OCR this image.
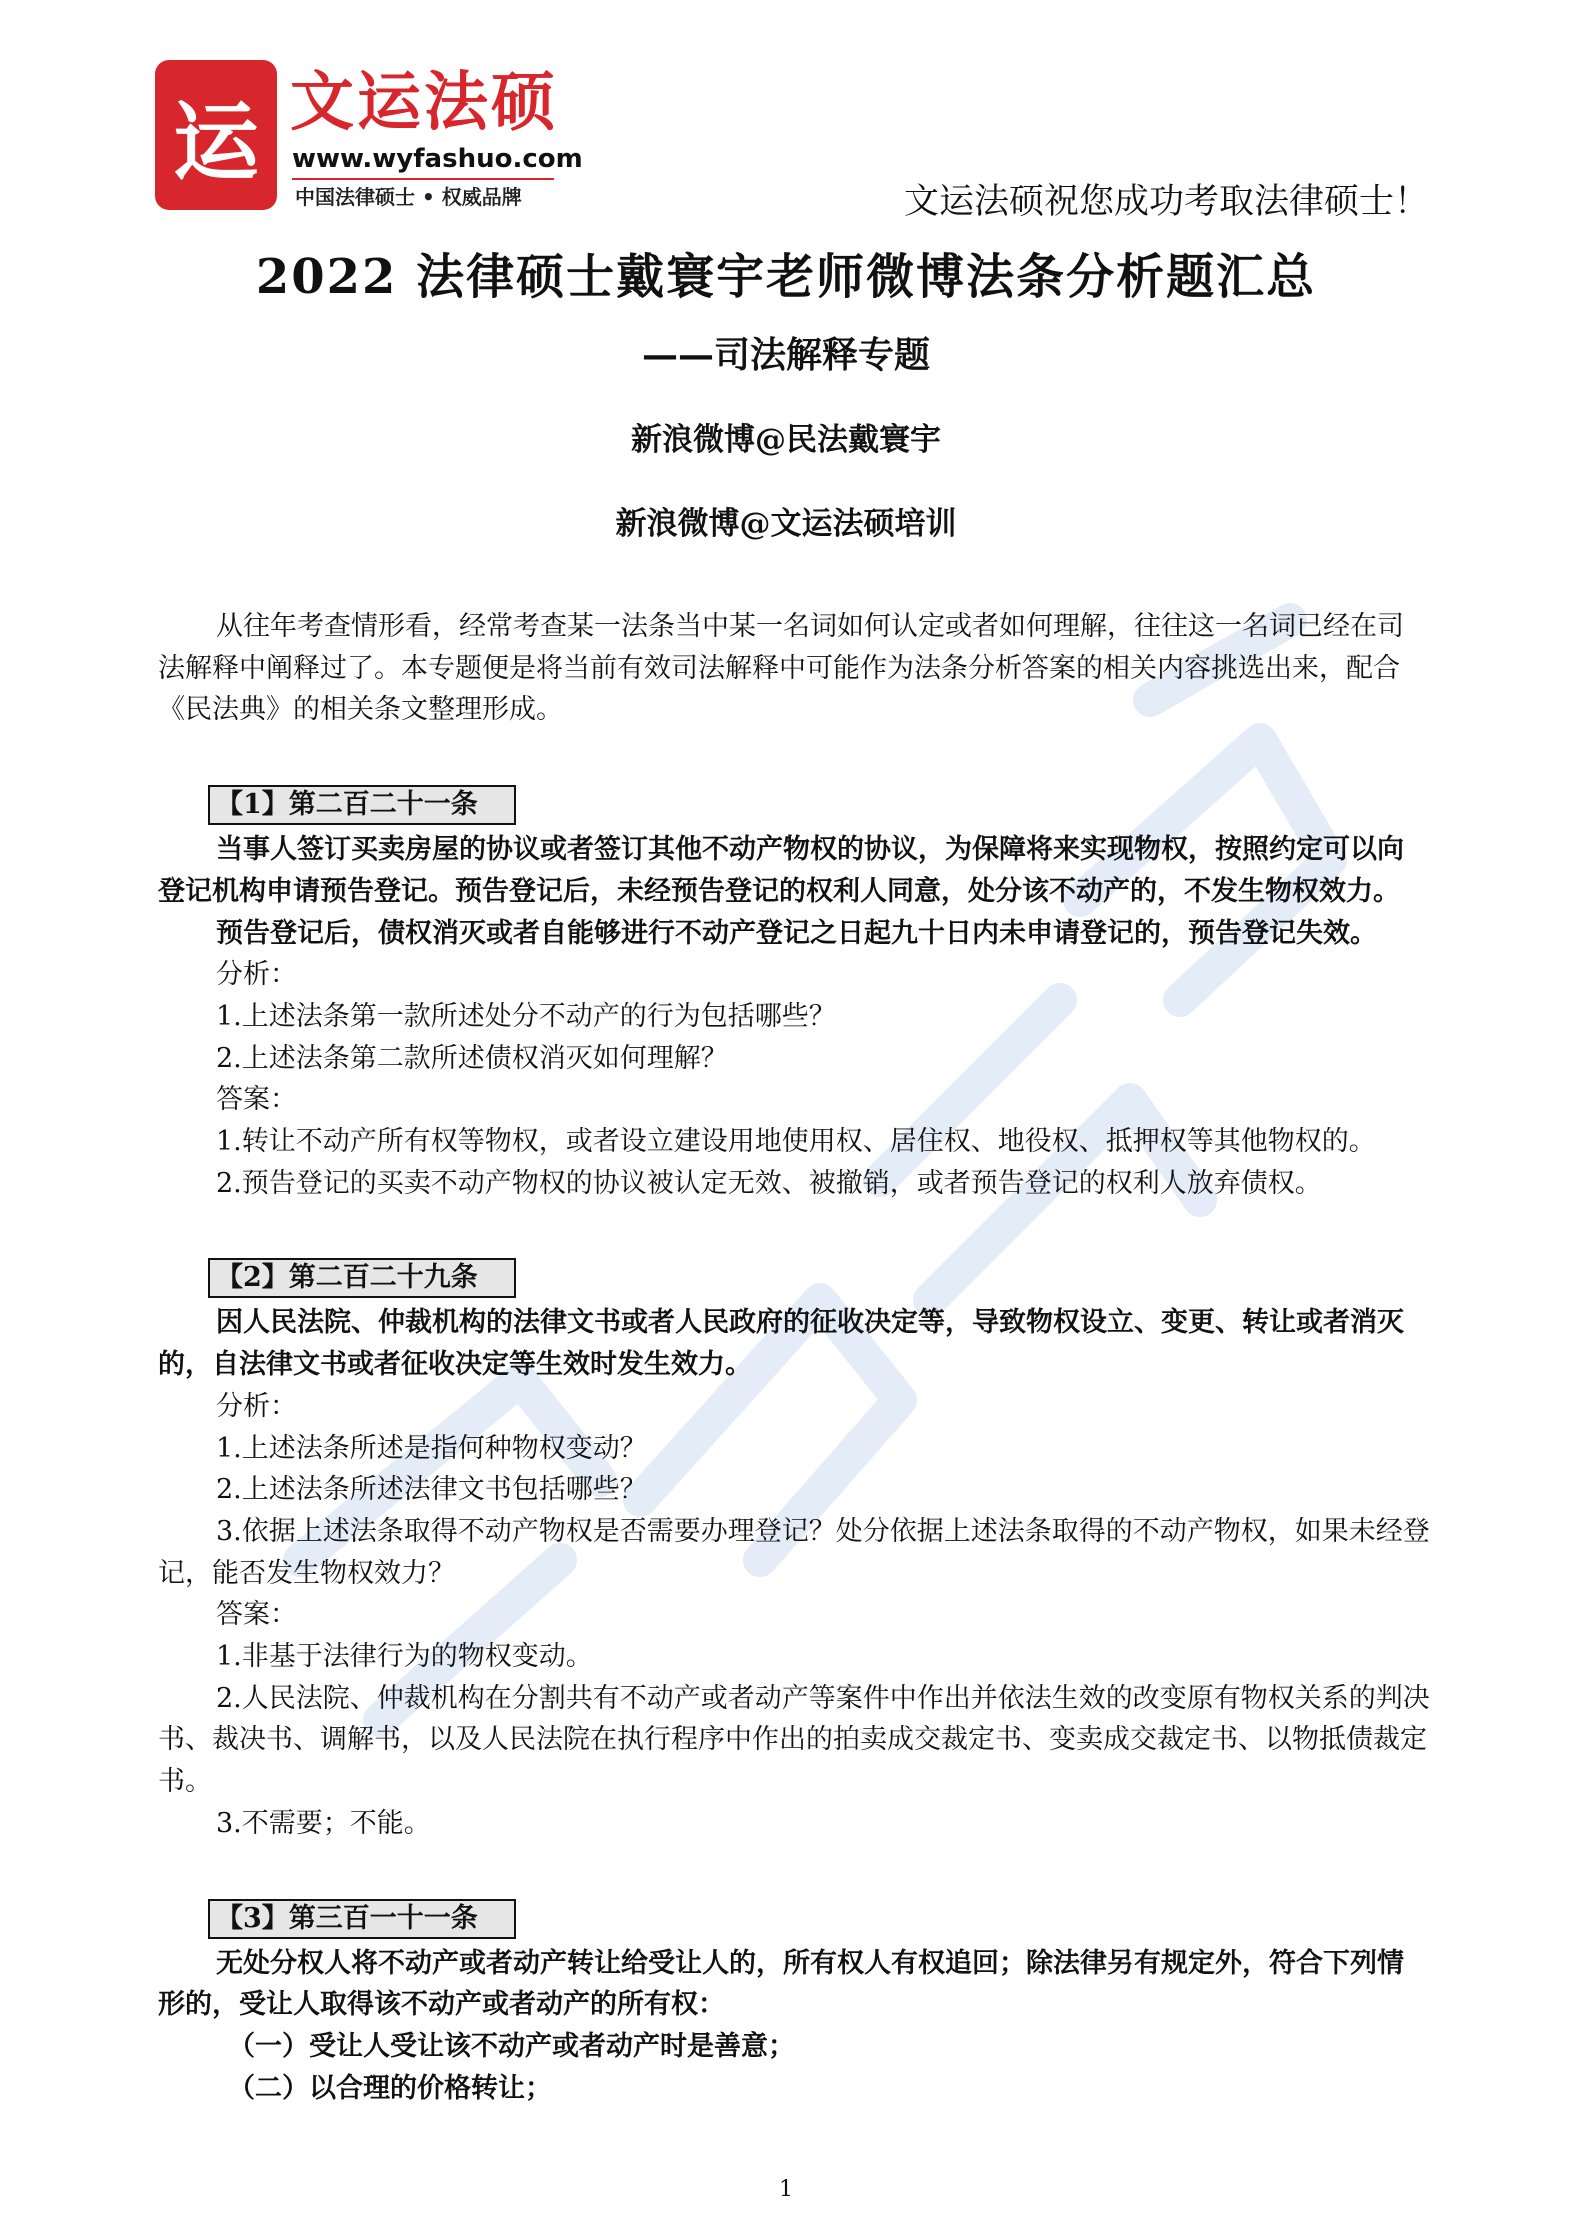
运 文运法硕
www.wyfashuo.com
中国法律硕士 • 权威品牌	文运法硕祝您成功考取法律硕士！
2022 法律硕士戴寰宇老师微博法条分析题汇总
——司法解释专题
新浪微博@民法戴寰宇
新浪微博@文运法硕培训
从往年考查情形看，经常考查某一法条当中某一名词如何认定或者如何理解，往往这一名词已经在司法解释中阐释过了。本专题便是将当前有效司法解释中可能作为法条分析答案的相关内容挑选出来，配合《民法典》的相关条文整理形成。
【1】第二百二十一条
当事人签订买卖房屋的协议或者签订其他不动产物权的协议，为保障将来实现物权，按照约定可以向登记机构申请预告登记。预告登记后，未经预告登记的权利人同意，处分该不动产的，不发生物权效力。
预告登记后，债权消灭或者自能够进行不动产登记之日起九十日内未申请登记的，预告登记失效。
分析：
1.上述法条第一款所述处分不动产的行为包括哪些？
2.上述法条第二款所述债权消灭如何理解？
答案：
1.转让不动产所有权等物权，或者设立建设用地使用权、居住权、地役权、抵押权等其他物权的。
2.预告登记的买卖不动产物权的协议被认定无效、被撤销，或者预告登记的权利人放弃债权。
【2】第二百二十九条
因人民法院、仲裁机构的法律文书或者人民政府的征收决定等，导致物权设立、变更、转让或者消灭的，自法律文书或者征收决定等生效时发生效力。
分析：
1.上述法条所述是指何种物权变动？
2.上述法条所述法律文书包括哪些？
3.依据上述法条取得不动产物权是否需要办理登记？处分依据上述法条取得的不动产物权，如果未经登记，能否发生物权效力？
答案：
1.非基于法律行为的物权变动。
2.人民法院、仲裁机构在分割共有不动产或者动产等案件中作出并依法生效的改变原有物权关系的判决书、裁决书、调解书，以及人民法院在执行程序中作出的拍卖成交裁定书、变卖成交裁定书、以物抵债裁定书。
3.不需要；不能。
【3】第三百一十一条
无处分权人将不动产或者动产转让给受让人的，所有权人有权追回；除法律另有规定外，符合下列情形的，受让人取得该不动产或者动产的所有权：
（一）受让人受让该不动产或者动产时是善意；
（二）以合理的价格转让；
1
